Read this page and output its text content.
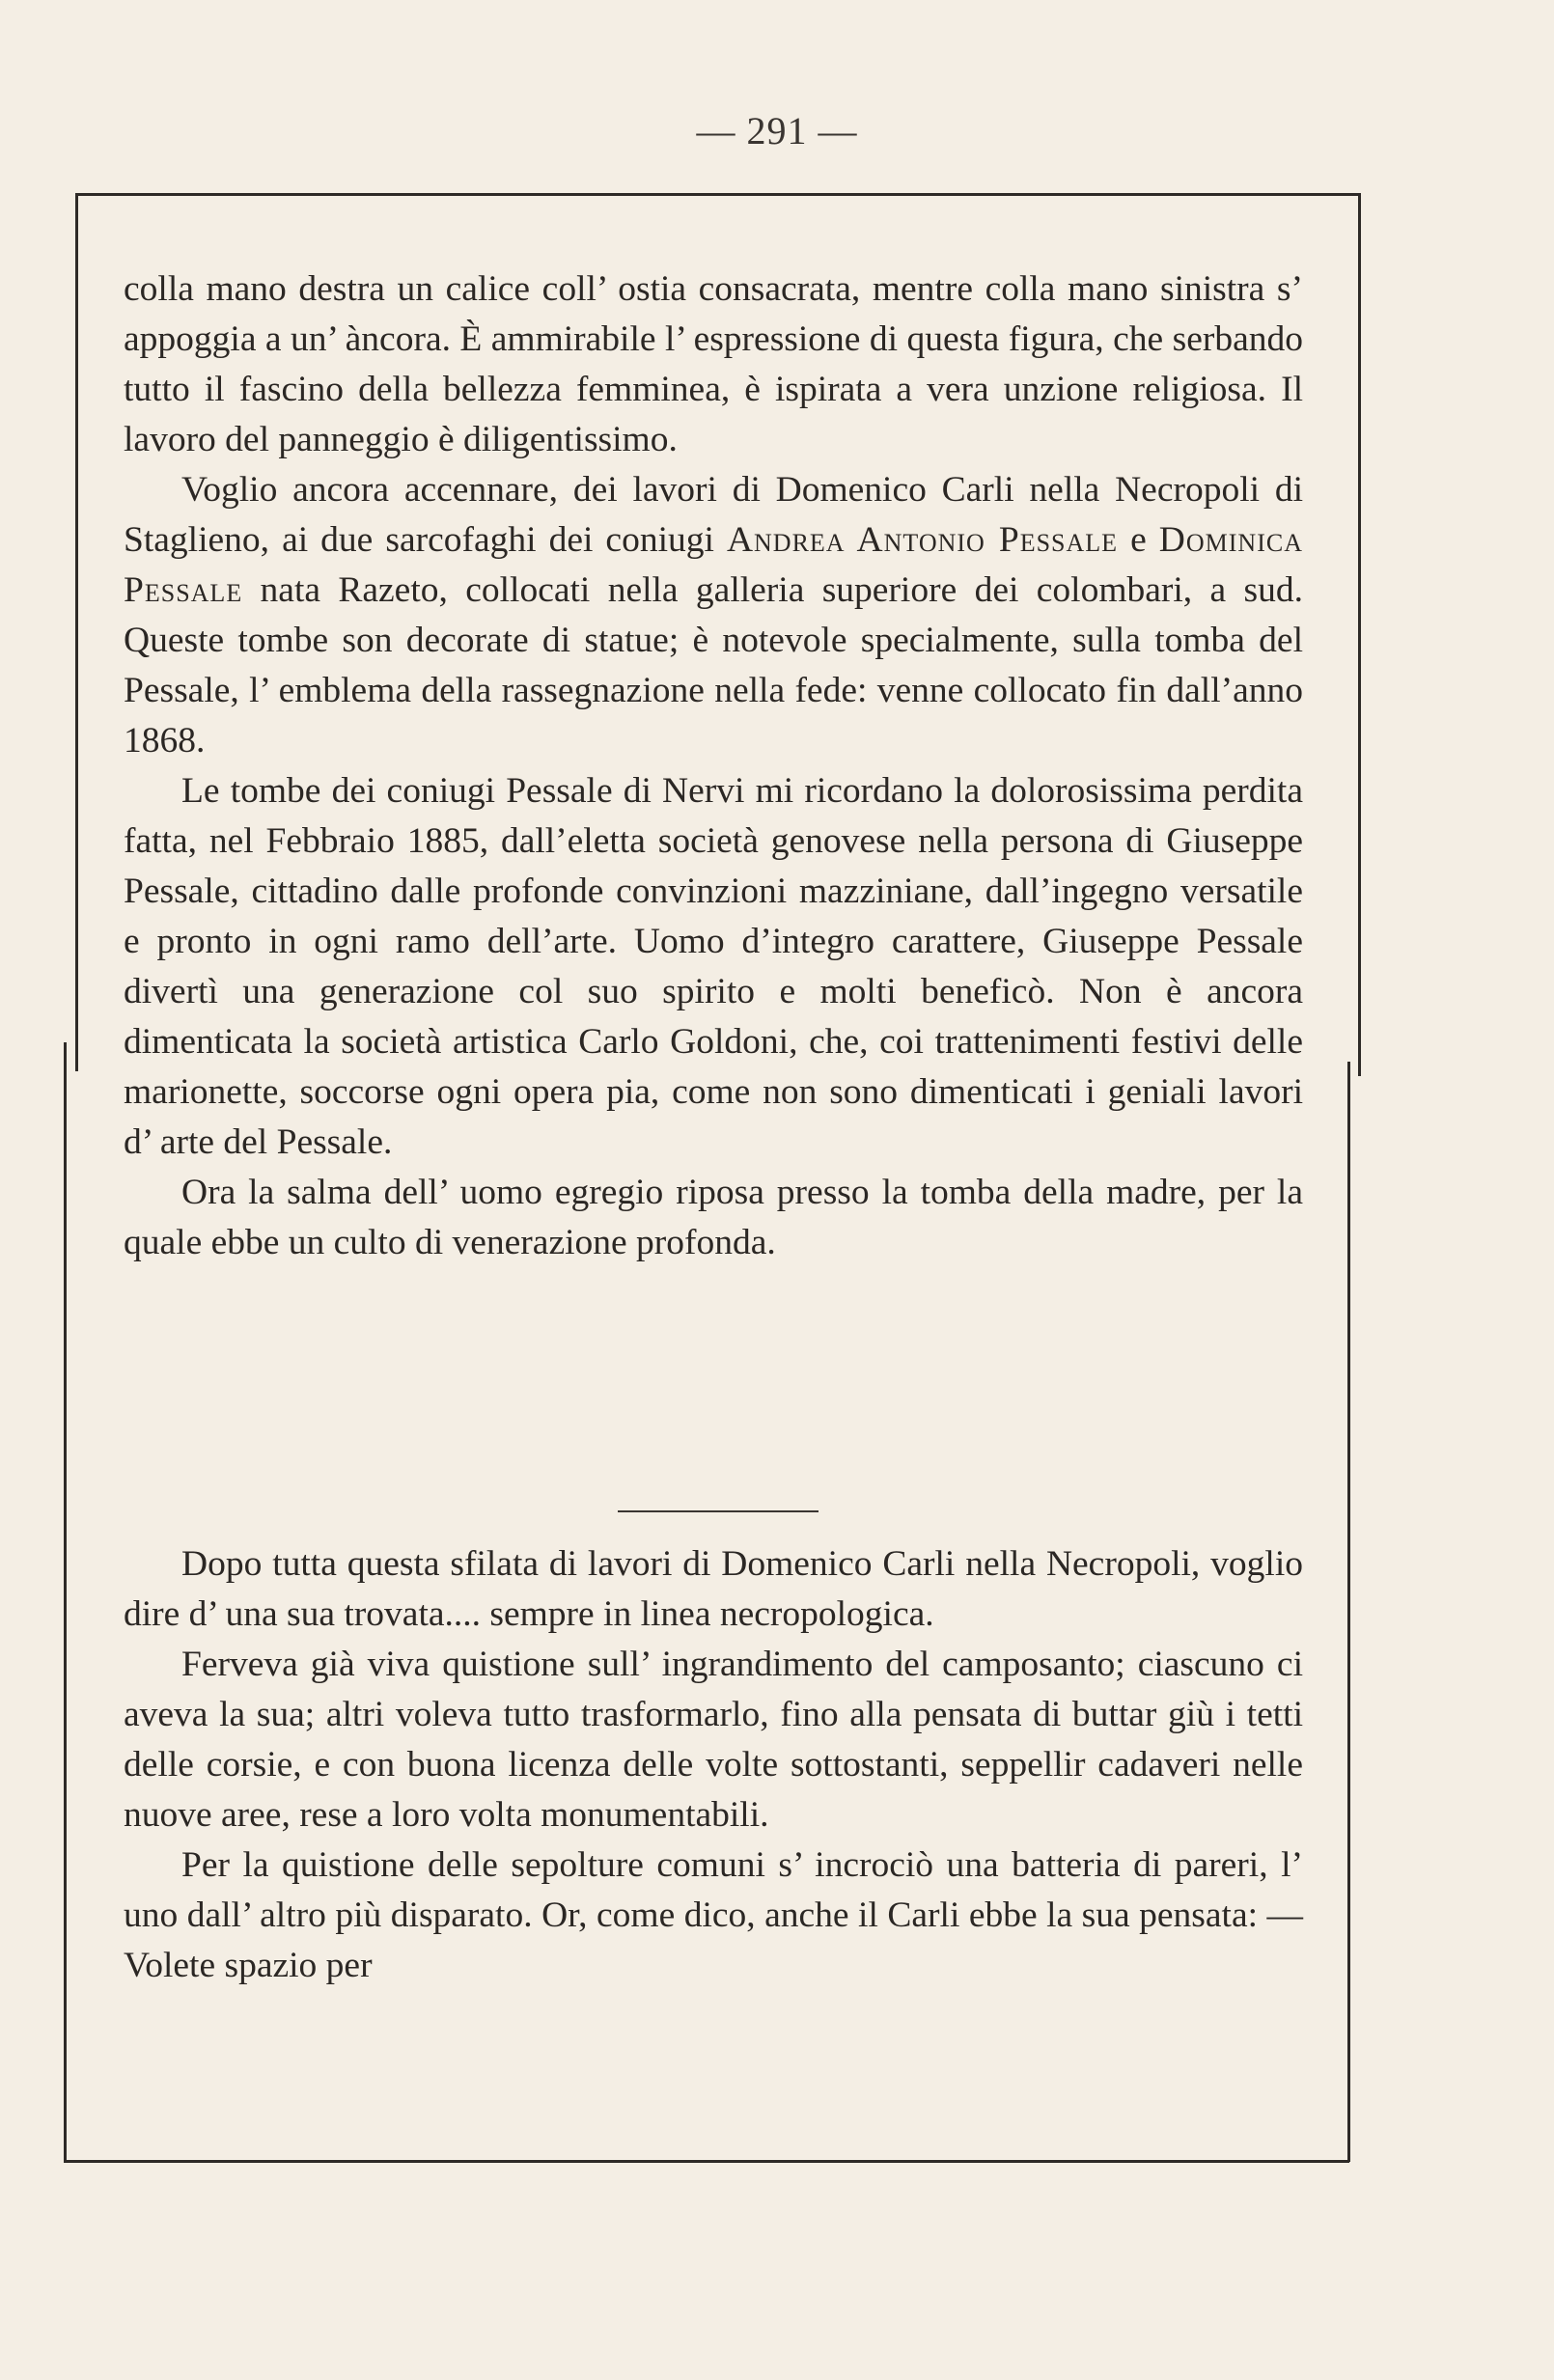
— 291 —

colla mano destra un calice coll’ ostia consacrata, mentre colla mano sinistra s’ appoggia a un’ àncora. È ammirabile l’ espressione di questa figura, che serbando tutto il fascino della bellezza femminea, è ispirata a vera unzione religiosa. Il lavoro del panneggio è diligentissimo.

Voglio ancora accennare, dei lavori di Domenico Carli nella Necropoli di Staglieno, ai due sarcofaghi dei coniugi Andrea Antonio Pessale e Dominica Pessale nata Razeto, collocati nella galleria superiore dei colombari, a sud. Queste tombe son decorate di statue; è notevole specialmente, sulla tomba del Pessale, l’ emblema della rassegnazione nella fede: venne collocato fin dall’anno 1868.

Le tombe dei coniugi Pessale di Nervi mi ricordano la dolorosissima perdita fatta, nel Febbraio 1885, dall’eletta società genovese nella persona di Giuseppe Pessale, cittadino dalle profonde convinzioni mazziniane, dall’ingegno versatile e pronto in ogni ramo dell’arte. Uomo d’integro carattere, Giuseppe Pessale divertì una generazione col suo spirito e molti beneficò. Non è ancora dimenticata la società artistica Carlo Goldoni, che, coi trattenimenti festivi delle marionette, soccorse ogni opera pia, come non sono dimenticati i geniali lavori d’ arte del Pessale.

Ora la salma dell’ uomo egregio riposa presso la tomba della madre, per la quale ebbe un culto di venerazione profonda.

Dopo tutta questa sfilata di lavori di Domenico Carli nella Necropoli, voglio dire d’ una sua trovata.... sempre in linea necropologica.

Ferveva già viva quistione sull’ ingrandimento del camposanto; ciascuno ci aveva la sua; altri voleva tutto trasformarlo, fino alla pensata di buttar giù i tetti delle corsie, e con buona licenza delle volte sottostanti, seppellir cadaveri nelle nuove aree, rese a loro volta monumentabili.

Per la quistione delle sepolture comuni s’ incrociò una batteria di pareri, l’ uno dall’ altro più disparato. Or, come dico, anche il Carli ebbe la sua pensata: — Volete spazio per
